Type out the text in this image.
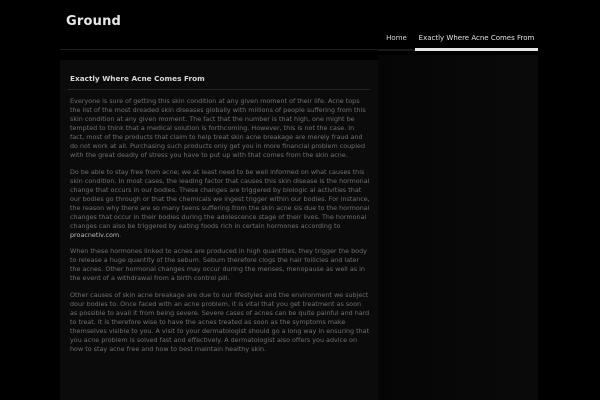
Ground
Home	Exactly Where Acne Comes From
Exactly Where Acne Comes From

Everyone is sure of getting this skin condition at any given moment of their life. Acne tops the list of the most dreaded skin diseases globally with millions of people suffering from this skin condition at any given moment. The fact that the number is that high, one might be tempted to think that a medical solution is forthcoming. However, this is not the case. In fact, most of the products that claim to help treat skin acne breakage are merely fraud and do not work at all. Purchasing such products only get you in more financial problem coupled with the great deadly of stress you have to put up with that comes from the skin acne.

Do be able to stay free from acne; we at least need to be well informed on what causes this skin condition. In most cases, the leading factor that causes this skin disease is the hormonal change that occurs in our bodies. These changes are triggered by biologic al activities that our bodies go through or that the chemicals we ingest trigger within our bodies. For instance, the reason why there are so many teens suffering from the skin acne sis due to the hormonal changes that occur in their bodies during the adolescence stage of their lives. The hormonal changes can also be triggered by eating foods rich in certain hormones according to proacnetiv.com.

When these hormones linked to acnes are produced in high quantities, they trigger the body to release a huge quantity of the sebum. Sebum therefore clogs the hair follicles and later the acnes. Other hormonal changes may occur during the menses, menopause as well as in the event of a withdrawal from a birth control pill.

Other causes of skin acne breakage are due to our lifestyles and the environment we subject dour bodies to. Once faced with an acne problem, it is vital that you get treatment as soon as possible to avail it from being severe. Severe cases of acnes can be quite painful and hard to treat. It is therefore wise to have the acnes treated as soon as the symptoms make themselves visible to you. A visit to your dermatologist should go a long way in ensuring that you acne problem is solved fast and effectively. A dermatologist also offers you advice on how to stay acne free and how to best maintain healthy skin.
